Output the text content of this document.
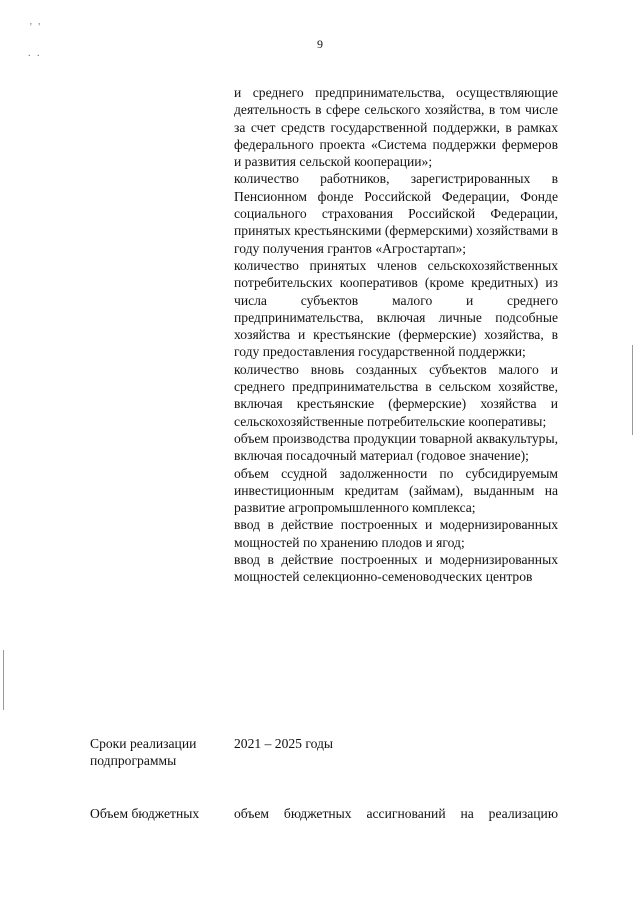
9
' '
. .

и среднего предпринимательства, осуществляющие деятельность в сфере сельского хозяйства, в том числе за счет средств государственной поддержки, в рамках федерального проекта «Система поддержки фермеров и развития сельской кооперации»;

количество работников, зарегистрированных в Пенсионном фонде Российской Федерации, Фонде социального страхования Российской Федерации, принятых крестьянскими (фермерскими) хозяйствами в году получения грантов «Агростартап»;

количество принятых членов сельскохозяйственных потребительских кооперативов (кроме кредитных) из числа субъектов малого и среднего предпринимательства, включая личные подсобные хозяйства и крестьянские (фермерские) хозяйства, в году предоставления государственной поддержки;

количество вновь созданных субъектов малого и среднего предпринимательства в сельском хозяйстве, включая крестьянские (фермерские) хозяйства и сельскохозяйственные потребительские кооперативы;

объем производства продукции товарной аквакультуры, включая посадочный материал (годовое значение);

объем ссудной задолженности по субсидируемым инвестиционным кредитам (займам), выданным на развитие агропромышленного комплекса;

ввод в действие построенных и модернизированных мощностей по хранению плодов и ягод;

ввод в действие построенных и модернизированных мощностей селекционно-семеноводческих центров

Сроки реализации подпрограммы
2021 – 2025 годы
Объем бюджетных	объем бюджетных ассигнований на реализацию
